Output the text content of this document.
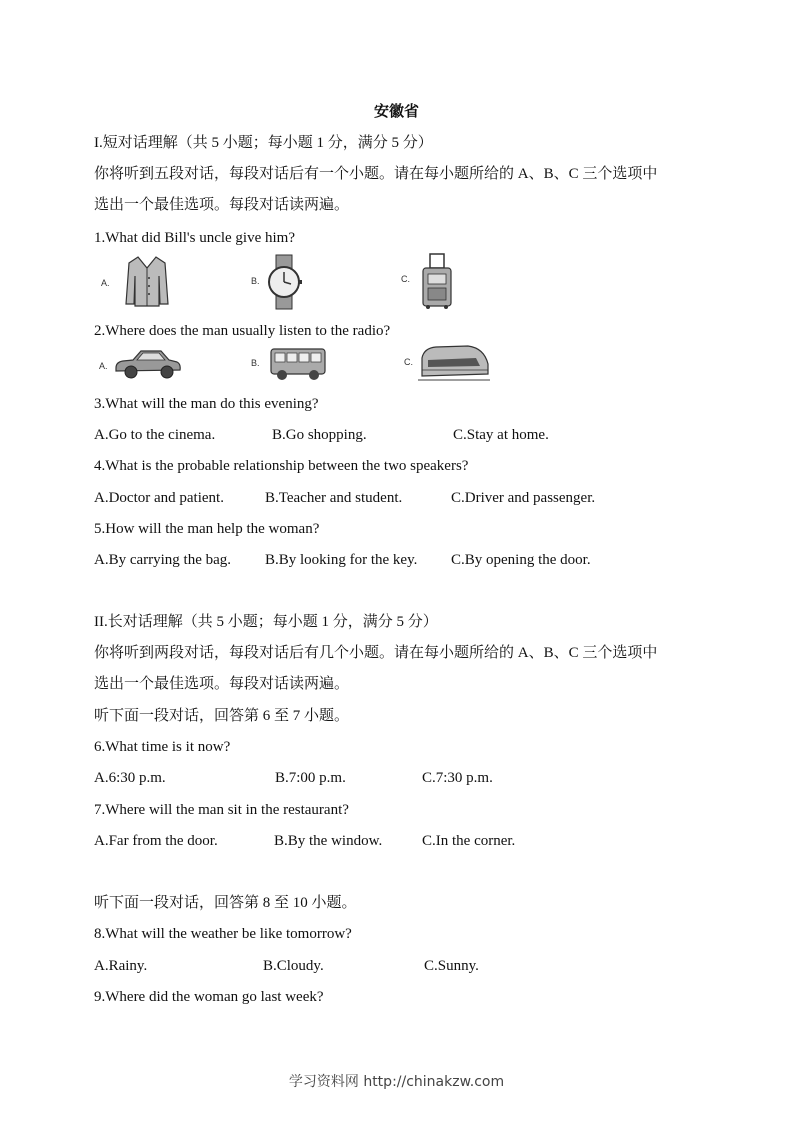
安徽省
I.短对话理解（共 5 小题；每小题 1 分，满分 5 分）
你将听到五段对话，每段对话后有一个小题。请在每小题所给的 A、B、C 三个选项中
选出一个最佳选项。每段对话读两遍。
1.What did Bill's uncle give him?
A.	B.	C.
2.Where does the man usually listen to the radio?
A.	B.	C.
3.What will the man do this evening?
A.Go to the cinema.	B.Go shopping.	C.Stay at home.
4.What is the probable relationship between the two speakers?
A.Doctor and patient.	B.Teacher and student.	C.Driver and passenger.
5.How will the man help the woman?
A.By carrying the bag. B.By looking for the key. C.By opening the door.
II.长对话理解（共 5 小题；每小题 1 分，满分 5 分）
你将听到两段对话，每段对话后有几个小题。请在每小题所给的 A、B、C 三个选项中
选出一个最佳选项。每段对话读两遍。
听下面一段对话，回答第 6 至 7 小题。
6.What time is it now?
A.6:30 p.m.	B.7:00 p.m.	C.7:30 p.m.
7.Where will the man sit in the restaurant?
A.Far from the door.	B.By the window.	C.In the corner.
听下面一段对话，回答第 8 至 10 小题。
8.What will the weather be like tomorrow?
A.Rainy.	B.Cloudy.	C.Sunny.
9.Where did the woman go last week?
学习资料网 http://chinakzw.com
